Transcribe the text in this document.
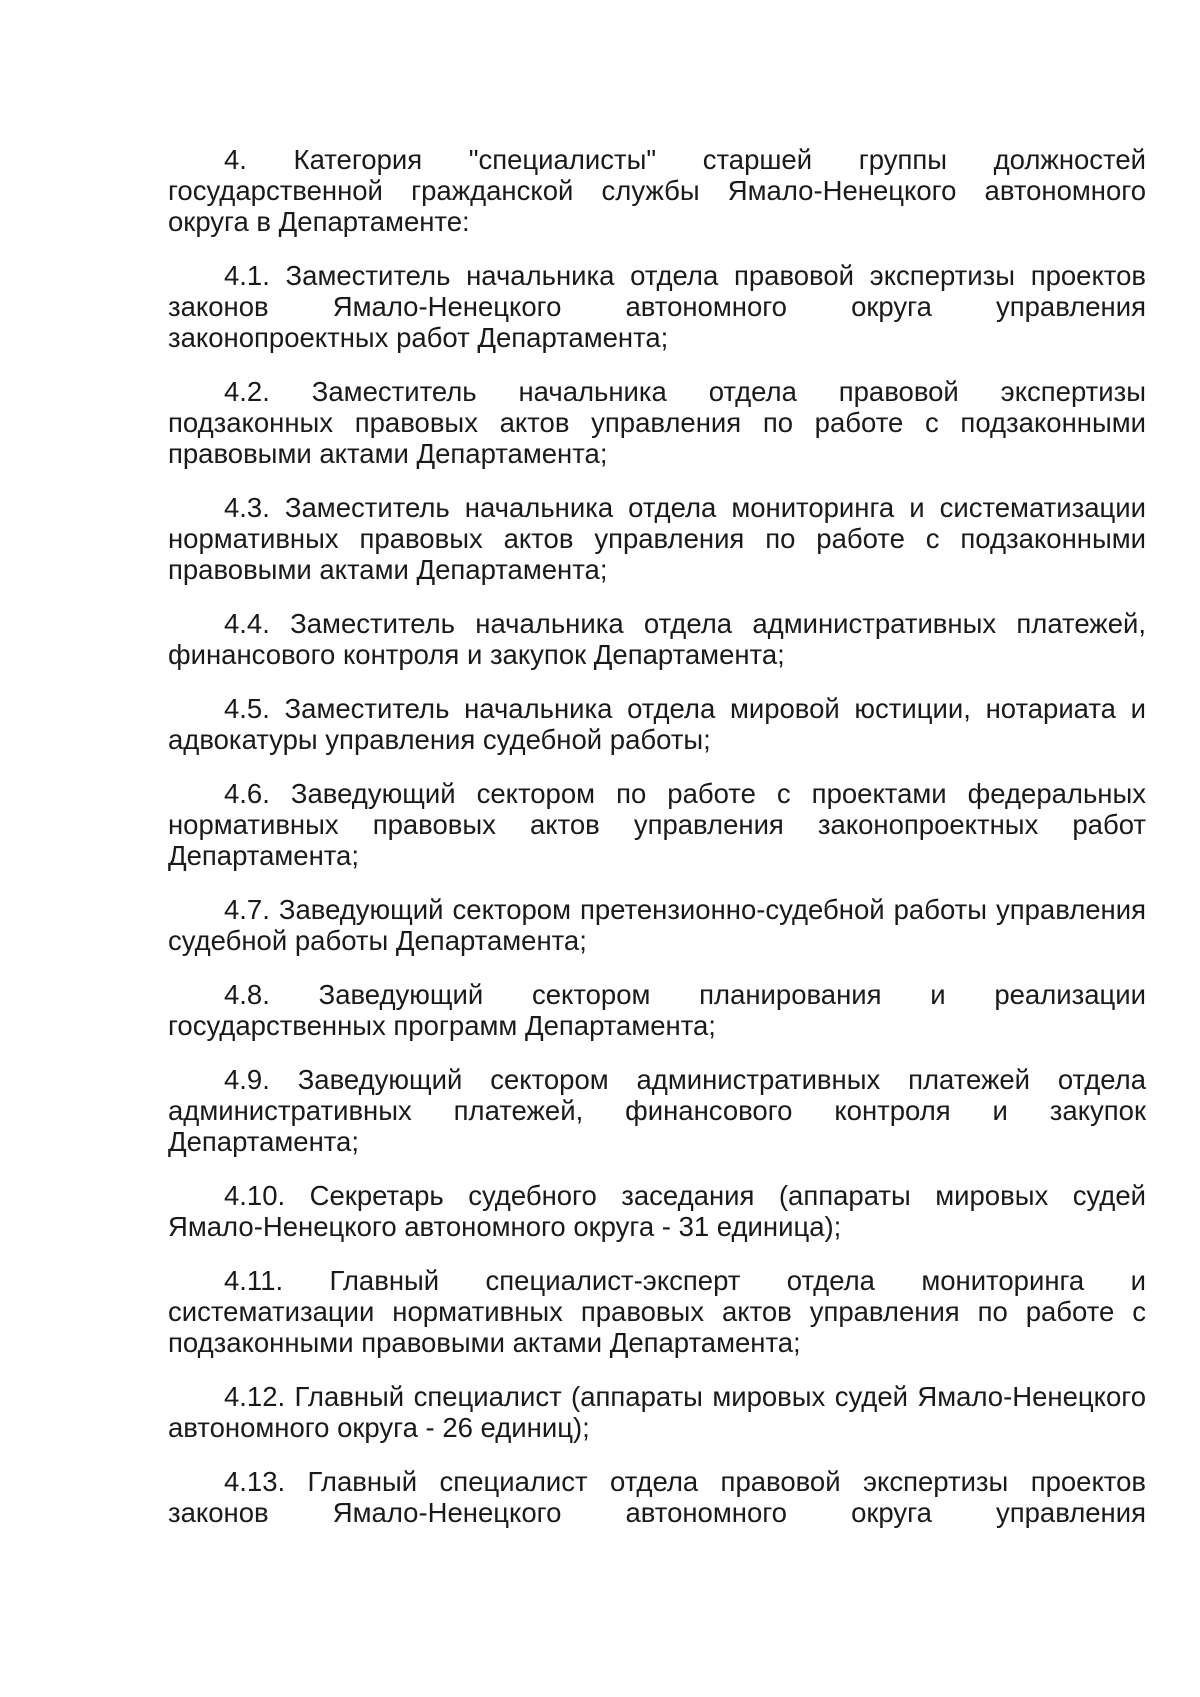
4. Категория "специалисты" старшей группы должностей государственной гражданской службы Ямало-Ненецкого автономного округа в Департаменте:

4.1. Заместитель начальника отдела правовой экспертизы проектов законов Ямало-Ненецкого автономного округа управления законопроектных работ Департамента;

4.2. Заместитель начальника отдела правовой экспертизы подзаконных правовых актов управления по работе с подзаконными правовыми актами Департамента;

4.3. Заместитель начальника отдела мониторинга и систематизации нормативных правовых актов управления по работе с подзаконными правовыми актами Департамента;

4.4. Заместитель начальника отдела административных платежей, финансового контроля и закупок Департамента;

4.5. Заместитель начальника отдела мировой юстиции, нотариата и адвокатуры управления судебной работы;

4.6. Заведующий сектором по работе с проектами федеральных нормативных правовых актов управления законопроектных работ Департамента;

4.7. Заведующий сектором претензионно-судебной работы управления судебной работы Департамента;

4.8. Заведующий сектором планирования и реализации государственных программ Департамента;

4.9. Заведующий сектором административных платежей отдела административных платежей, финансового контроля и закупок Департамента;

4.10. Секретарь судебного заседания (аппараты мировых судей Ямало-Ненецкого автономного округа - 31 единица);

4.11. Главный специалист-эксперт отдела мониторинга и систематизации нормативных правовых актов управления по работе с подзаконными правовыми актами Департамента;

4.12. Главный специалист (аппараты мировых судей Ямало-Ненецкого автономного округа - 26 единиц);

4.13. Главный специалист отдела правовой экспертизы проектов законов Ямало-Ненецкого автономного округа управления
